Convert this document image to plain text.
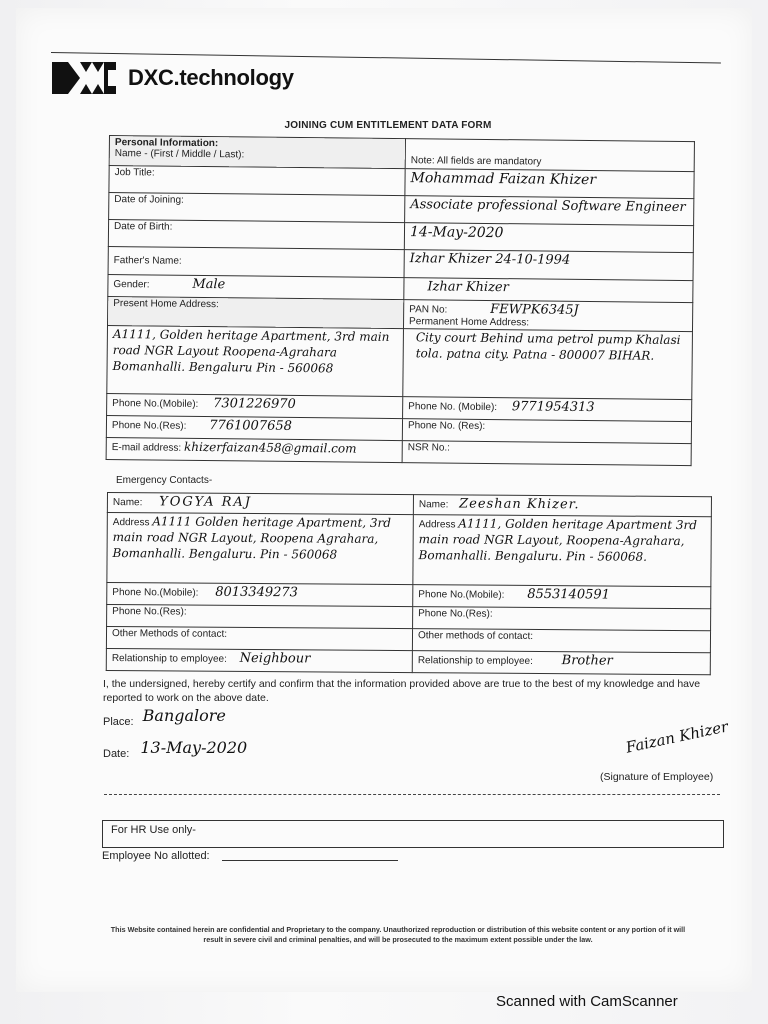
DXC.technology
JOINING CUM ENTITLEMENT DATA FORM
Personal Information:
Name - (First / Middle / Last):	Note: All fields are mandatory
Job Title:	Mohammad Faizan Khizer
Date of Joining:	Associate professional Software Engineer
Date of Birth:	14-May-2020
Father's Name:	Izhar Khizer 24-10-1994
Gender: Male	Izhar Khizer
Present Home Address:	PAN No: FEWPK6345J
Permanent Home Address:
A1111, Golden heritage Apartment, 3rd main road NGR Layout Roopena-Agrahara Bomanhalli. Bengaluru Pin - 560068	City court Behind uma petrol pump Khalasi tola. patna city. Patna - 800007 BIHAR.
Phone No.(Mobile): 7301226970	Phone No. (Mobile): 9771954313
Phone No.(Res): 7761007658	Phone No. (Res):
E-mail address: khizerfaizan458@gmail.com	NSR No.:
Emergency Contacts-
Name: YOGYA RAJ	Name: Zeeshan Khizer.
Address A1111 Golden heritage Apartment, 3rd main road NGR Layout, Roopena Agrahara, Bomanhalli. Bengaluru. Pin - 560068	Address A1111, Golden heritage Apartment 3rd main road NGR Layout, Roopena-Agrahara, Bomanhalli. Bengaluru. Pin - 560068.
Phone No.(Mobile): 8013349273	Phone No.(Mobile): 8553140591
Phone No.(Res):	Phone No.(Res):
Other Methods of contact:	Other methods of contact:
Relationship to employee: Neighbour	Relationship to employee: Brother
I, the undersigned, hereby certify and confirm that the information provided above are true to the best of my knowledge and have reported to work on the above date.
Place: Bangalore
Date: 13-May-2020	Faizan Khizer
(Signature of Employee)
For HR Use only-
Employee No allotted:
This Website contained herein are confidential and Proprietary to the company. Unauthorized reproduction or distribution of this website content or any portion of it will result in severe civil and criminal penalties, and will be prosecuted to the maximum extent possible under the law.
Scanned with CamScanner
